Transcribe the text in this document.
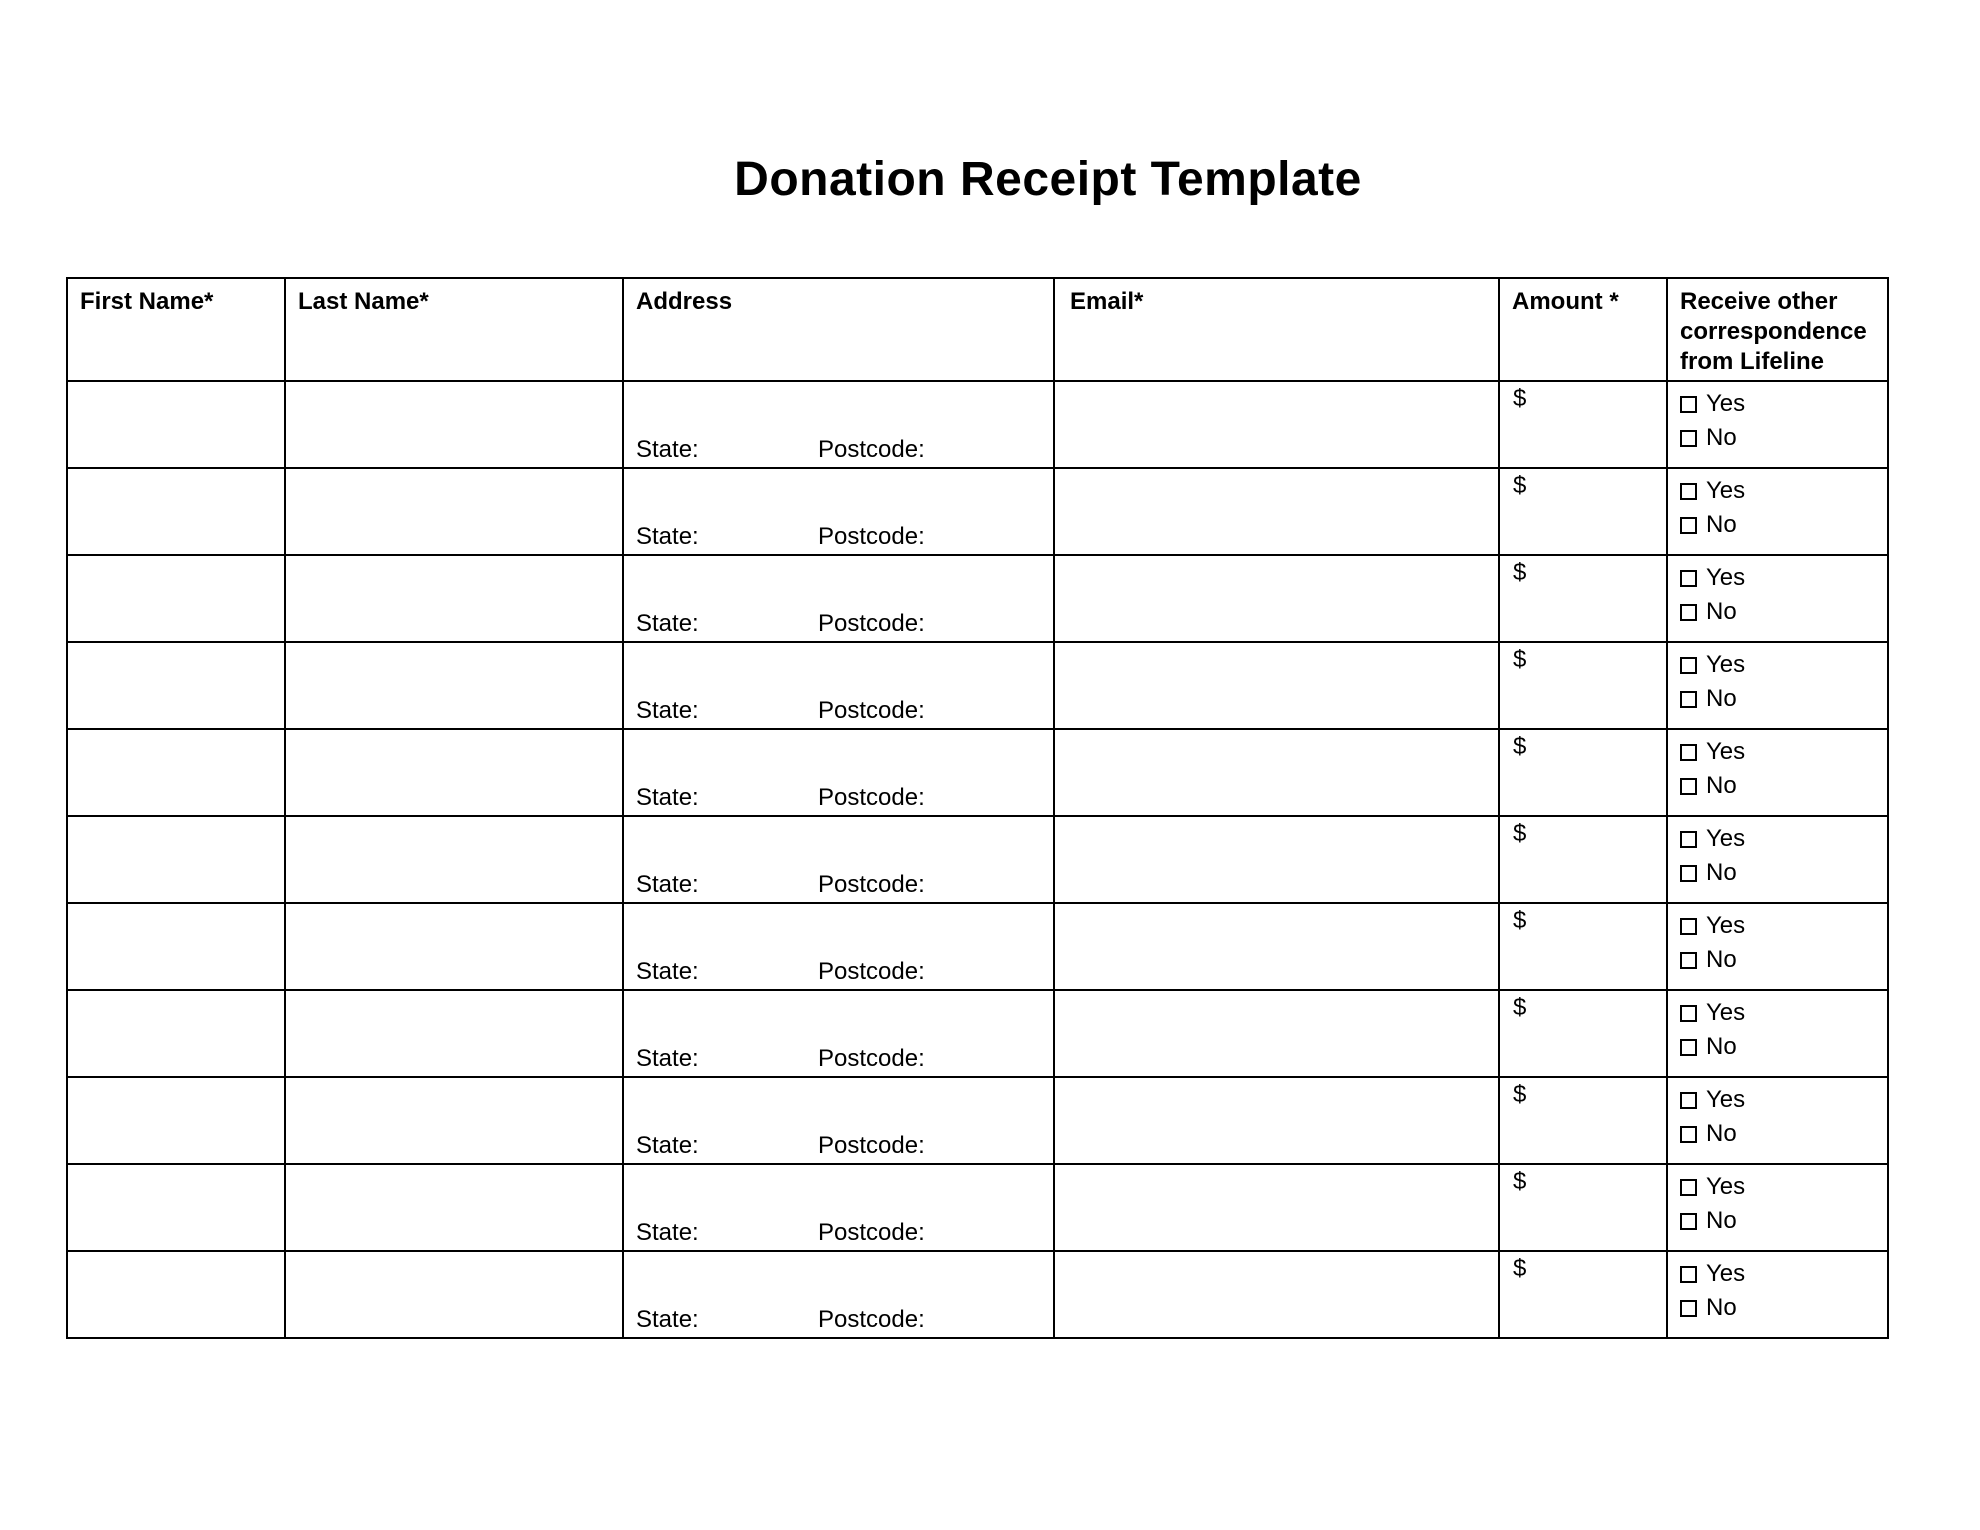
Donation Receipt Template
First Name*	Last Name*	Address	Email*	Amount *	Receive other correspondence from Lifeline
		State: Postcode:		$	Yes
No

		State: Postcode:		$	Yes
No

		State: Postcode:		$	Yes
No

		State: Postcode:		$	Yes
No

		State: Postcode:		$	Yes
No

		State: Postcode:		$	Yes
No

		State: Postcode:		$	Yes
No

		State: Postcode:		$	Yes
No

		State: Postcode:		$	Yes
No

		State: Postcode:		$	Yes
No

		State: Postcode:		$	Yes
No
